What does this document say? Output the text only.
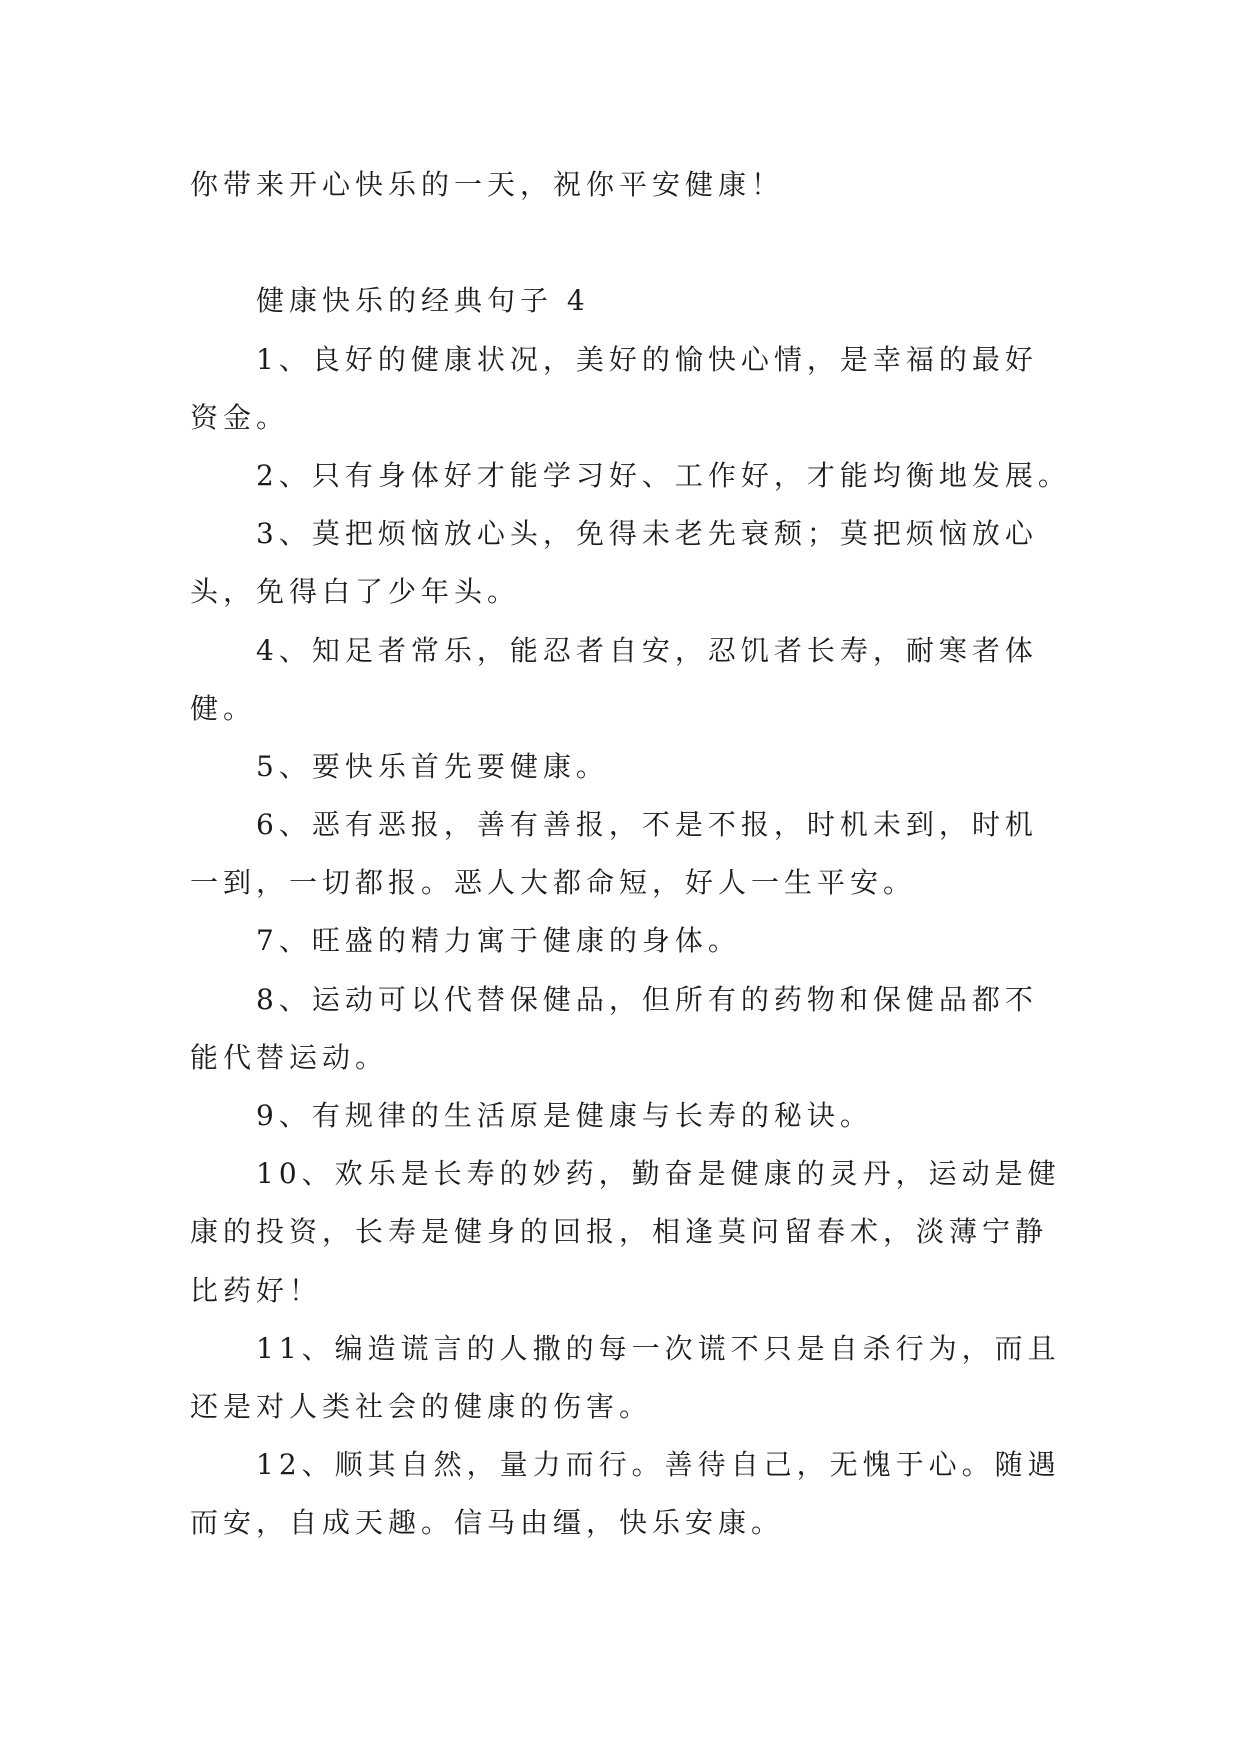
你带来开心快乐的一天，祝你平安健康！
健康快乐的经典句子 4
1、良好的健康状况，美好的愉快心情，是幸福的最好
资金。
2、只有身体好才能学习好、工作好，才能均衡地发展。
3、莫把烦恼放心头，免得未老先衰颓；莫把烦恼放心
头，免得白了少年头。
4、知足者常乐，能忍者自安，忍饥者长寿，耐寒者体
健。
5、要快乐首先要健康。
6、恶有恶报，善有善报，不是不报，时机未到，时机
一到，一切都报。恶人大都命短，好人一生平安。
7、旺盛的精力寓于健康的身体。
8、运动可以代替保健品，但所有的药物和保健品都不
能代替运动。
9、有规律的生活原是健康与长寿的秘诀。
10、欢乐是长寿的妙药，勤奋是健康的灵丹，运动是健
康的投资，长寿是健身的回报，相逢莫问留春术，淡薄宁静
比药好！
11、编造谎言的人撒的每一次谎不只是自杀行为，而且
还是对人类社会的健康的伤害。
12、顺其自然，量力而行。善待自己，无愧于心。随遇
而安，自成天趣。信马由缰，快乐安康。
